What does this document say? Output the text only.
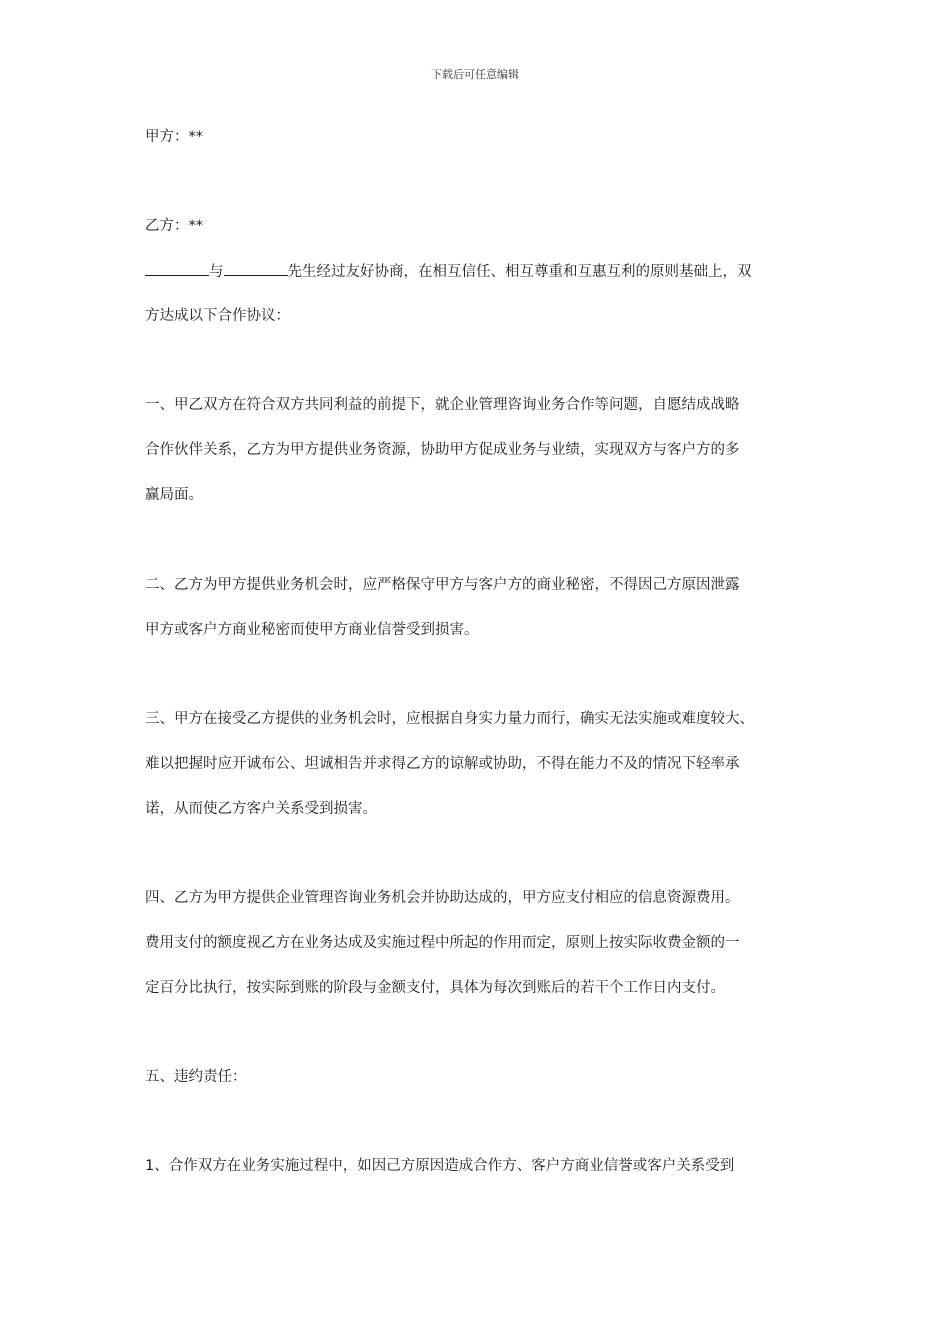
下载后可任意编辑
甲方：**
乙方：**
与	先生经过友好协商，在相互信任、相互尊重和互惠互利的原则基础上，双
方达成以下合作协议：
一、甲乙双方在符合双方共同利益的前提下，就企业管理咨询业务合作等问题，自愿结成战略
合作伙伴关系，乙方为甲方提供业务资源，协助甲方促成业务与业绩，实现双方与客户方的多
赢局面。
二、乙方为甲方提供业务机会时，应严格保守甲方与客户方的商业秘密，不得因己方原因泄露
甲方或客户方商业秘密而使甲方商业信誉受到损害。
三、甲方在接受乙方提供的业务机会时，应根据自身实力量力而行，确实无法实施或难度较大、
难以把握时应开诚布公、坦诚相告并求得乙方的谅解或协助，不得在能力不及的情况下轻率承
诺，从而使乙方客户关系受到损害。
四、乙方为甲方提供企业管理咨询业务机会并协助达成的，甲方应支付相应的信息资源费用。
费用支付的额度视乙方在业务达成及实施过程中所起的作用而定，原则上按实际收费金额的一
定百分比执行，按实际到账的阶段与金额支付，具体为每次到账后的若干个工作日内支付。
五、违约责任：
1、合作双方在业务实施过程中，如因己方原因造成合作方、客户方商业信誉或客户关系受到
